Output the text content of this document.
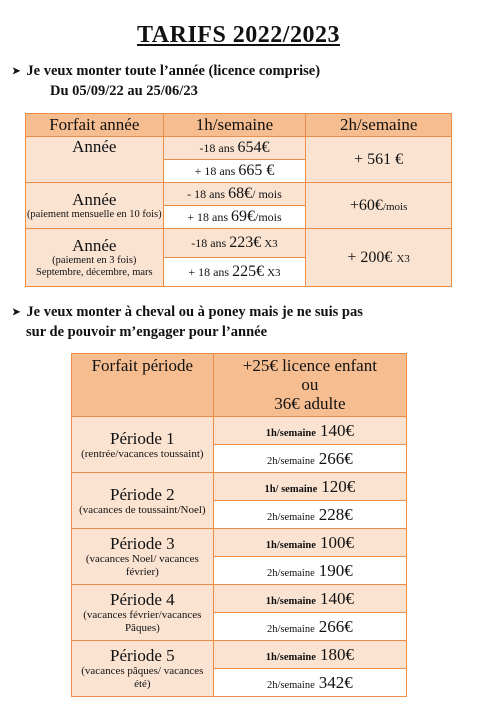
TARIFS 2022/2023
➤ Je veux monter toute l’année (licence comprise)
Du 05/09/22 au 25/06/23
Forfait année	1h/semaine	2h/semaine

Année	-18 ans 654€	+ 561 €
	+ 18 ans 665 €	

Année
(paiement mensuelle en 10 fois)	- 18 ans 68€/ mois	+60€/mois
	+ 18 ans 69€/mois	

Année
(paiement en 3 fois)
Septembre, décembre, mars	-18 ans 223€ X3	+ 200€ X3
	+ 18 ans 225€ X3	
➤ Je veux monter à cheval ou à poney mais je ne suis pas
sur de pouvoir m’engager pour l’année
Forfait période	+25€ licence enfant
ou
36€ adulte

Période 1
(rentrée/vacances toussaint)	1h/semaine 140€
	2h/semaine 266€

Période 2
(vacances de toussaint/Noel)	1h/ semaine 120€
	2h/semaine 228€

Période 3
(vacances Noel/ vacances février)	1h/semaine 100€
	2h/semaine 190€

Période 4
(vacances février/vacances Pâques)	1h/semaine 140€
	2h/semaine 266€

Période 5
(vacances pâques/ vacances été)	1h/semaine 180€
	2h/semaine 342€
